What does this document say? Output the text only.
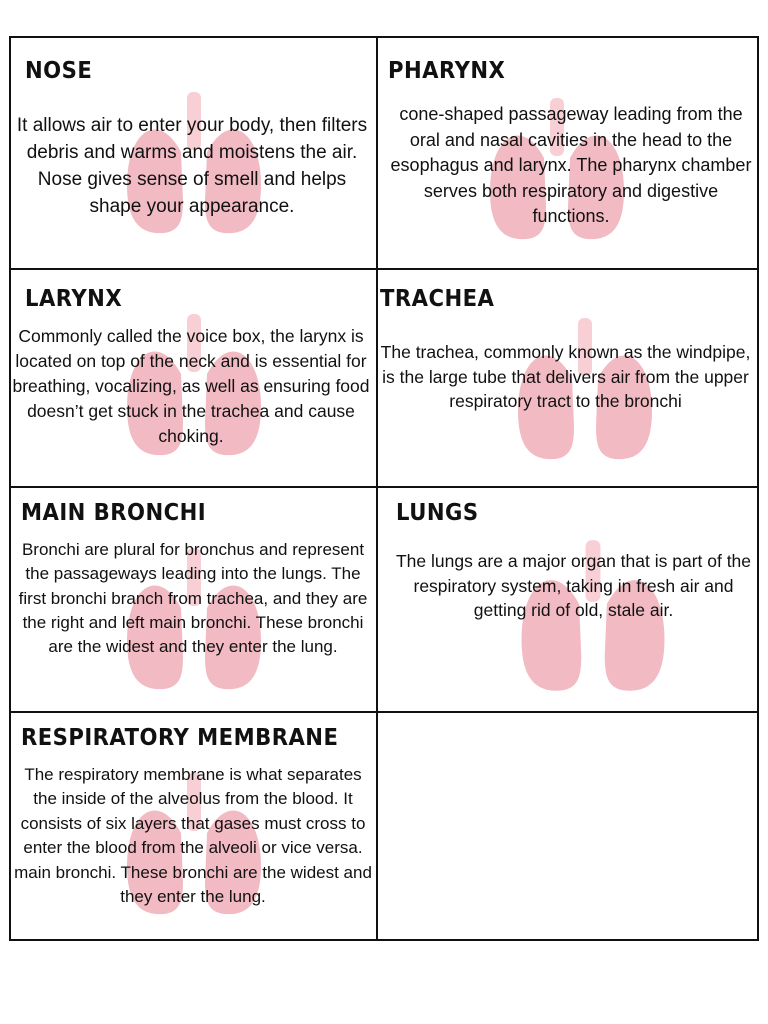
NOSE
It allows air to enter your body, then filters debris and warms and moistens the air. Nose gives sense of smell and helps shape your appearance.
PHARYNX
cone-shaped passageway leading from the oral and nasal cavities in the head to the esophagus and larynx. The pharynx chamber serves both respiratory and digestive functions.
LARYNX
Commonly called the voice box, the larynx is located on top of the neck and is essential for breathing, vocalizing, as well as ensuring food doesn’t get stuck in the trachea and cause choking.
TRACHEA
The trachea, commonly known as the windpipe, is the large tube that delivers air from the upper respiratory tract to the bronchi
MAIN BRONCHI
Bronchi are plural for bronchus and represent the passageways leading into the lungs. The first bronchi branch from trachea, and they are the right and left main bronchi. These bronchi are the widest and they enter the lung.
LUNGS
The lungs are a major organ that is part of the respiratory system, taking in fresh air and getting rid of old, stale air.
RESPIRATORY MEMBRANE
The respiratory membrane is what separates the inside of the alveolus from the blood. It consists of six layers that gases must cross to enter the blood from the alveoli or vice versa. main bronchi. These bronchi are the widest and they enter the lung.
